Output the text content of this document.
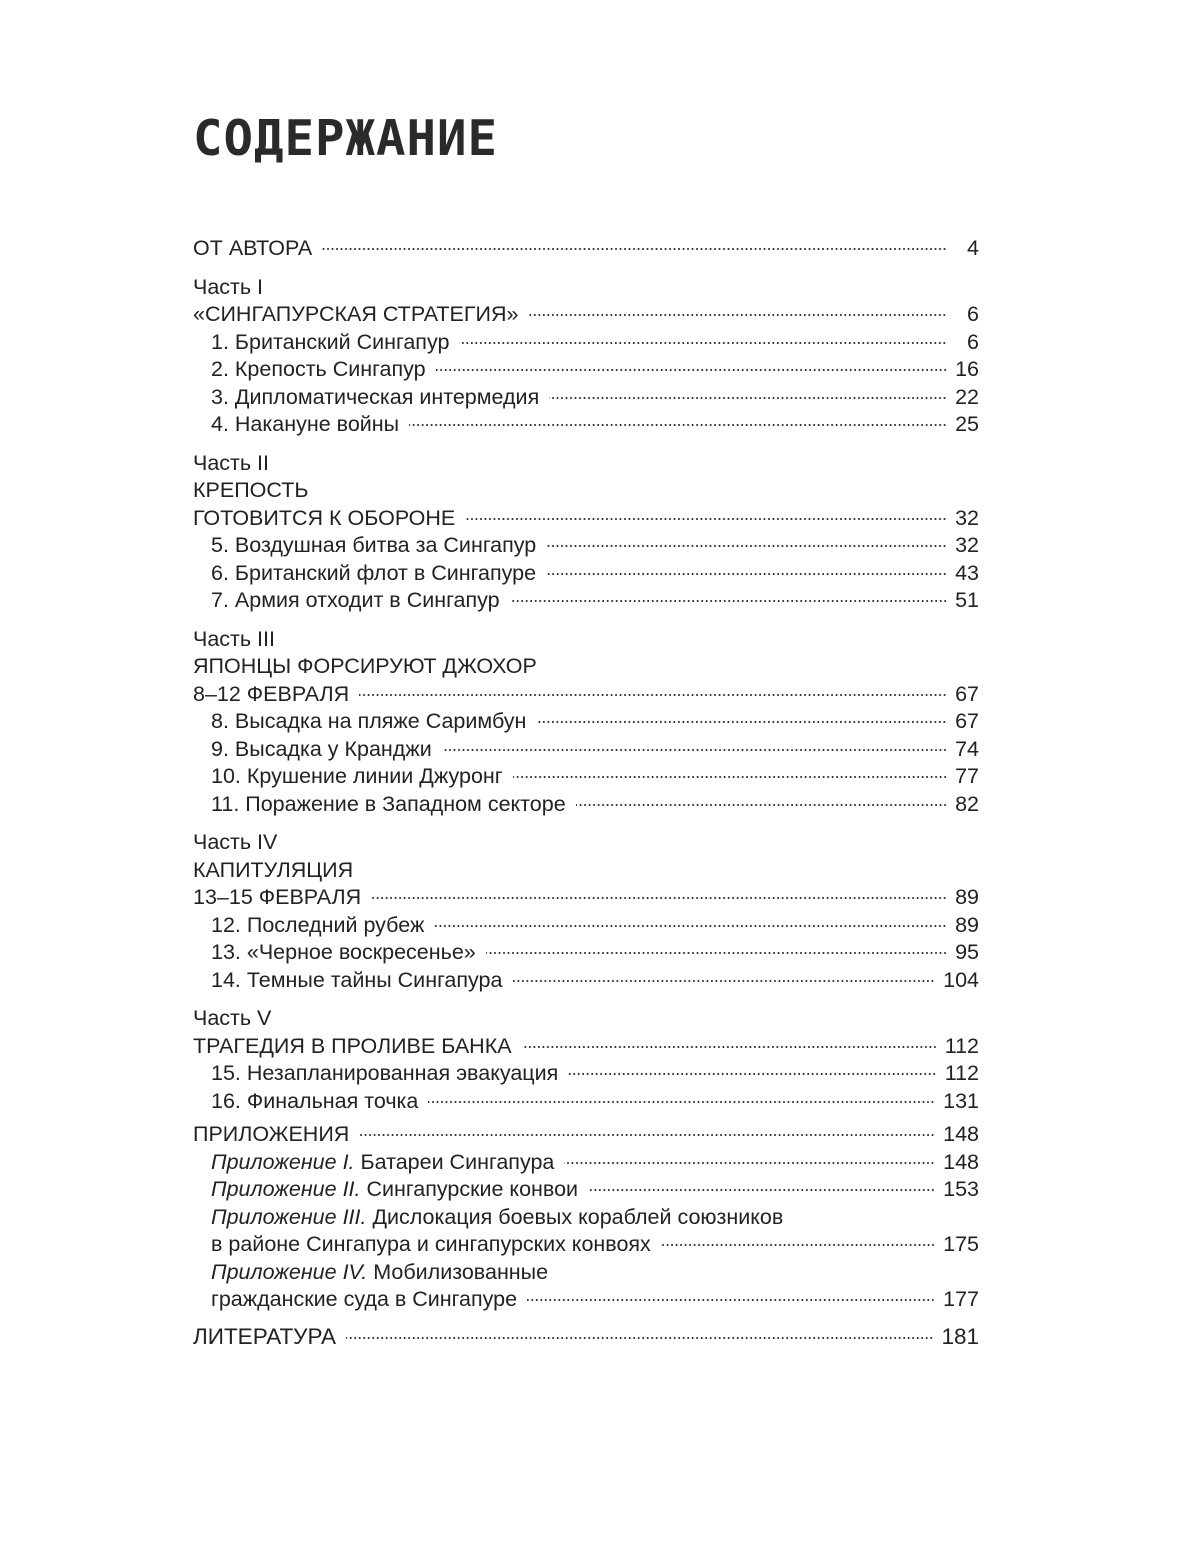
СОДЕРЖАНИЕ
ОТ АВТОРА	4
Часть I
«СИНГАПУРСКАЯ СТРАТЕГИЯ»	6
1. Британский Сингапур	6
2. Крепость Сингапур	16
3. Дипломатическая интермедия	22
4. Накануне войны	25
Часть II
КРЕПОСТЬ
ГОТОВИТСЯ К ОБОРОНЕ	32
5. Воздушная битва за Сингапур	32
6. Британский флот в Сингапуре	43
7. Армия отходит в Сингапур	51
Часть III
ЯПОНЦЫ ФОРСИРУЮТ ДЖОХОР
8–12 ФЕВРАЛЯ	67
8. Высадка на пляже Саримбун	67
9. Высадка у Кранджи	74
10. Крушение линии Джуронг	77
11. Поражение в Западном секторе	82
Часть IV
КАПИТУЛЯЦИЯ
13–15 ФЕВРАЛЯ	89
12. Последний рубеж	89
13. «Черное воскресенье»	95
14. Темные тайны Сингапура	104
Часть V
ТРАГЕДИЯ В ПРОЛИВЕ БАНКА	112
15. Незапланированная эвакуация	112
16. Финальная точка	131
ПРИЛОЖЕНИЯ	148
Приложение I. Батареи Сингапура	148
Приложение II. Сингапурские конвои	153
Приложение III. Дислокация боевых кораблей союзников
в районе Сингапура и сингапурских конвоях	175
Приложение IV. Мобилизованные
гражданские суда в Сингапуре	177
ЛИТЕРАТУРА	181
